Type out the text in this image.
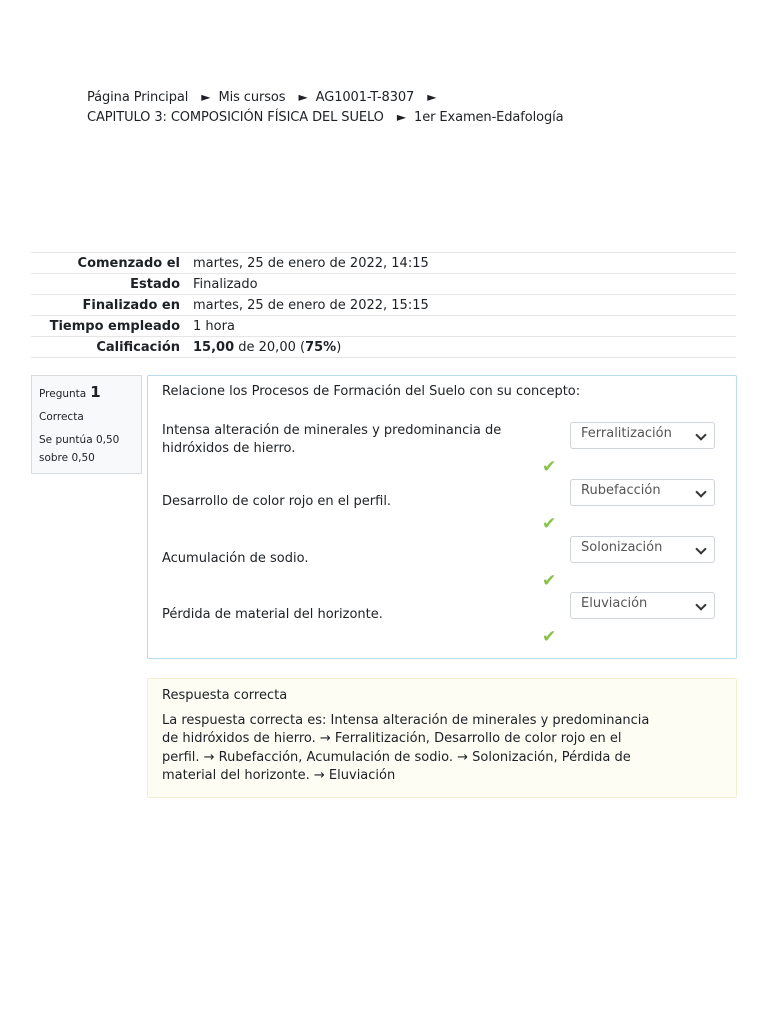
Página Principal ► Mis cursos ► AG1001-T-8307 ►
CAPITULO 3: COMPOSICIÓN FÍSICA DEL SUELO ► 1er Examen-Edafología
Comenzado el	martes, 25 de enero de 2022, 14:15
Estado	Finalizado
Finalizado en	martes, 25 de enero de 2022, 15:15
Tiempo empleado	1 hora
Calificación	15,00 de 20,00 (75%)
Pregunta 1
Correcta
Se puntúa 0,50 sobre 0,50
Relacione los Procesos de Formación del Suelo con su concepto:
Intensa alteración de minerales y predominancia de hidróxidos de hierro.
Ferralitización
✔
Desarrollo de color rojo en el perfil.
Rubefacción
✔
Acumulación de sodio.
Solonización
✔
Pérdida de material del horizonte.
Eluviación
✔
Respuesta correcta
La respuesta correcta es: Intensa alteración de minerales y predominancia de hidróxidos de hierro. → Ferralitización, Desarrollo de color rojo en el perfil. → Rubefacción, Acumulación de sodio. → Solonización, Pérdida de material del horizonte. → Eluviación
